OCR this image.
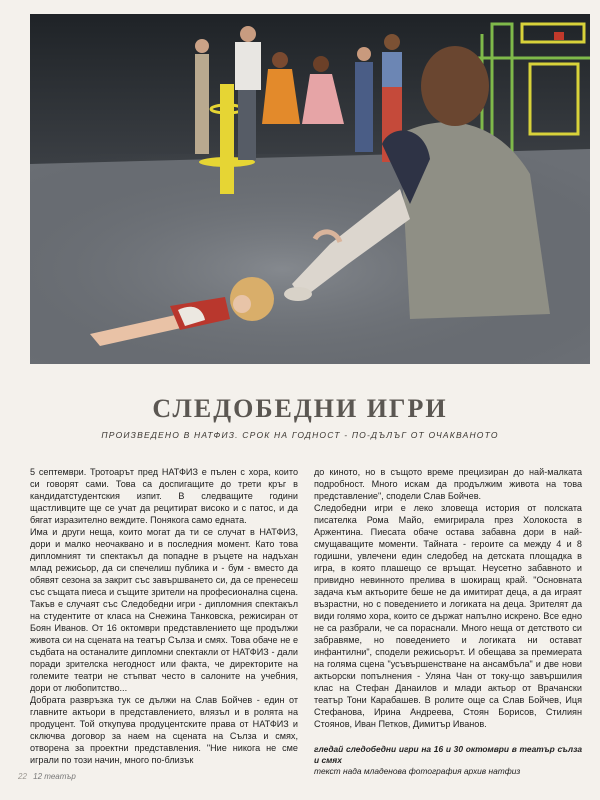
СЛЕДОБЕДНИ ИГРИ
ПРОИЗВЕДЕНО В НАТФИЗ. СРОК НА ГОДНОСТ - ПО-ДЪЛЪГ ОТ ОЧАКВАНОТО

5 септември. Тротоарът пред НАТФИЗ е пълен с хора, които си говорят сами. Това са доспигащите до трети кръг в кандидатстудентския изпит. В следващите години щастливците ще се учат да рецитират високо и с патос, и да бягат изразително веждите. Понякога само едната.

Има и други неща, които могат да ти се случат в НАТФИЗ, дори и малко неочаквано и в последния момент. Като това дипломният ти спектакъл да попадне в ръцете на надъхан млад режисьор, да си спечелиш публика и - бум - вместо да обявят сезона за закрит със завършването си, да се пренесеш със същата пиеса и същите зрители на професионална сцена. Такъв е случаят със Следобедни игри - дипломния спектакъл на студентите от класа на Снежина Танковска, режисиран от Боян Иванов. От 16 октомври представлението ще продължи живота си на сцената на театър Сълза и смях. Това обаче не е съдбата на останалите дипломни спектакли от НАТФИЗ - дали поради зрителска негодност или факта, че директорите на големите театри не стъпват често в салоните на учебния, дори от любопитство...

Добрата развръзка тук се дължи на Слав Бойчев - един от главните актьори в представлението, влязъл и в ролята на продуцент. Той откупува продуцентските права от НАТФИЗ и сключва договор за наем на сцената на Сълза и смях, отворена за проектни представления. "Ние никога не сме играли по този начин, много по-близък

до киното, но в същото време прецизиран до най-малката подробност. Много искам да продължим живота на това представление", сподели Слав Бойчев.

Следобедни игри е леко зловеща история от полската писателка Рома Майо, емигрирала през Холокоста в Аржентина. Пиесата обаче остава забавна дори в най-смущаващите моменти. Тайната - героите са между 4 и 8 годишни, увлечени един следобед на детската площадка в игра, в която плашещо се връщат. Неусетно забавното и привидно невинното прелива в шокиращ край. "Основната задача към актьорите беше не да имитират деца, а да играят възрастни, но с поведението и логиката на деца. Зрителят да види голямо хора, които се държат напълно искрено. Все едно не са разбрали, че са пораснали. Много неща от детството си забравяме, но поведението и логиката ни остават инфантилни", сподели режисьорът. И обещава за премиерата на голяма сцена "усъвършенстване на ансамбъла" и две нови актьорски попълнения - Уляна Чан от току-що завършилия клас на Стефан Данаилов и млади актьор от Врачански театър Тони Карабашев. В ролите още са Слав Бойчев, Иця Стефанова, Ирина Андреева, Стоян Борисов, Стилиян Стоянов, Иван Петков, Димитър Иванов.

гледай следобедни игри на 16 и 30 октомври в театър сълза и смях

текст нада младенова фотография архив натфиз

22 12 театър
